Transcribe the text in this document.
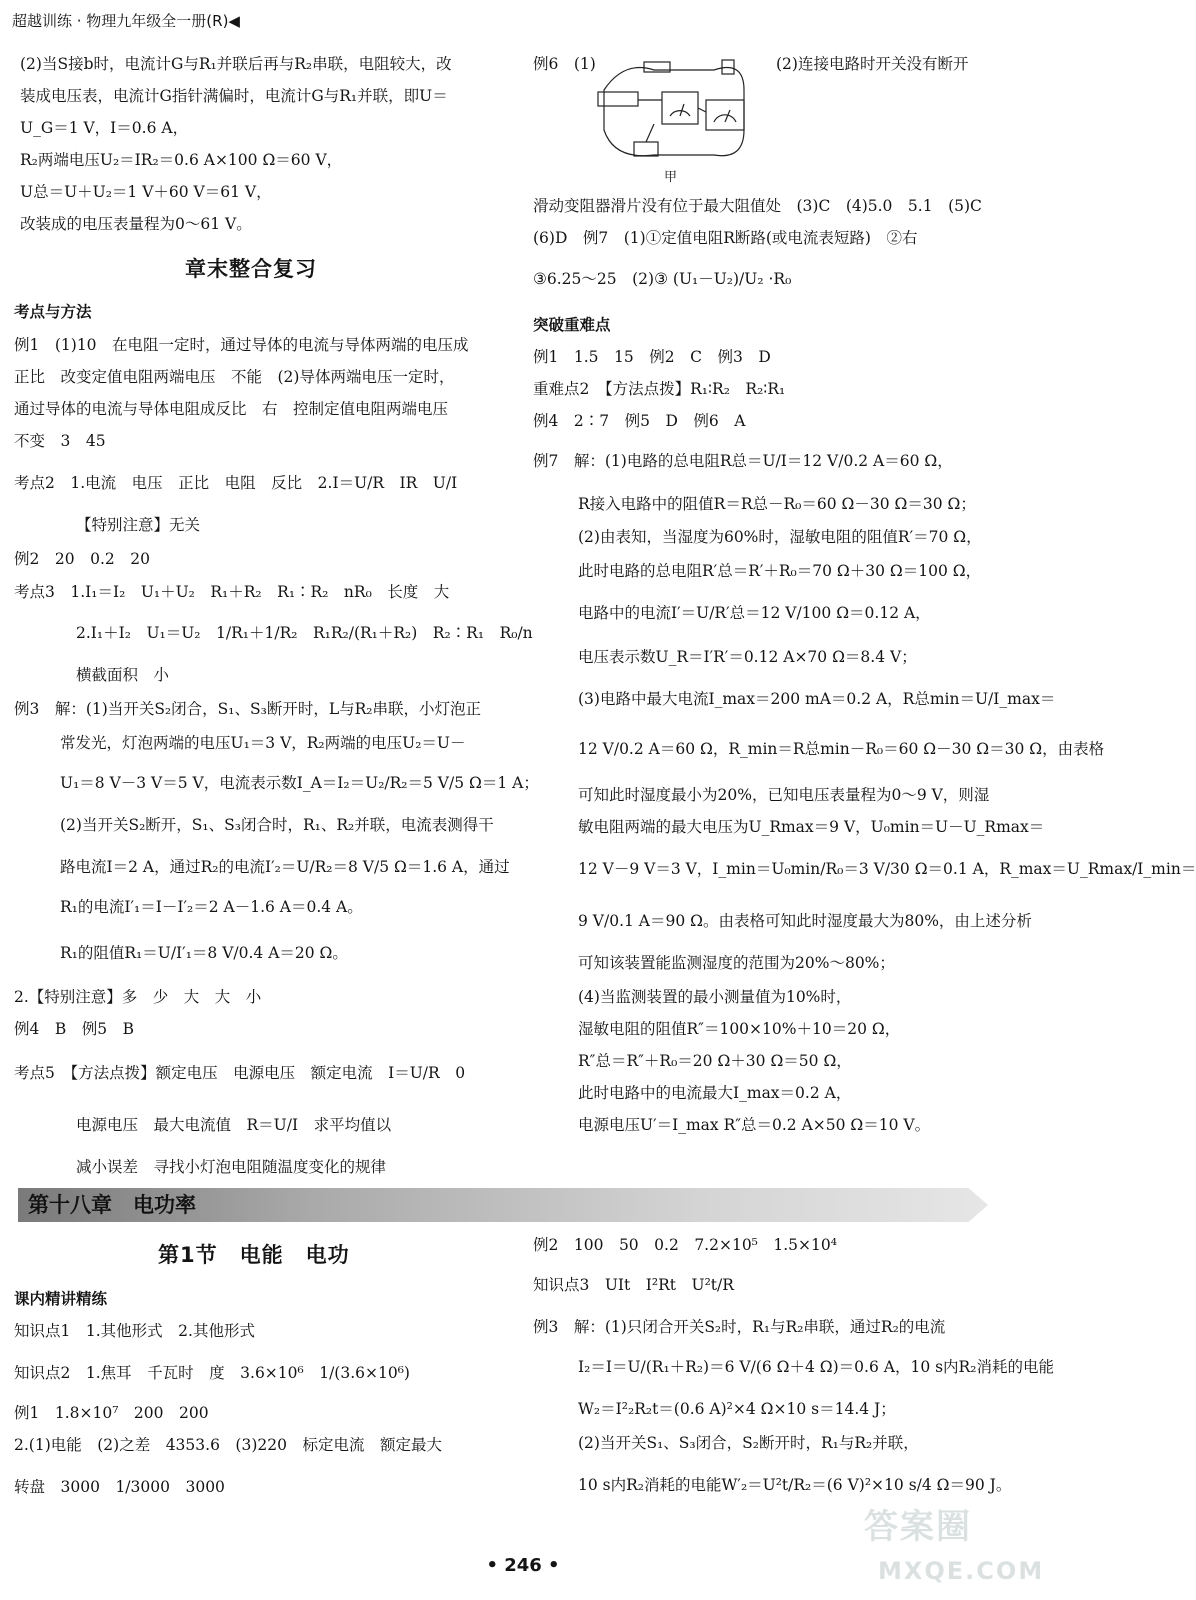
超越训练 · 物理九年级全一册(R)◀
(2)当S接b时，电流计G与R₁并联后再与R₂串联，电阻较大，改
装成电压表，电流计G指针满偏时，电流计G与R₁并联，即U＝
U_G＝1 V，I＝0.6 A，
R₂两端电压U₂＝IR₂＝0.6 A×100 Ω＝60 V，
U总＝U＋U₂＝1 V＋60 V＝61 V，
改装成的电压表量程为0～61 V。
章末整合复习
考点与方法
例1　(1)10　在电阻一定时，通过导体的电流与导体两端的电压成
正比　改变定值电阻两端电压　不能　(2)导体两端电压一定时，
通过导体的电流与导体电阻成反比　右　控制定值电阻两端电压
不变　3　45
考点2　1.电流　电压　正比　电阻　反比　2.I＝U/R　IR　U/I
【特别注意】无关
例2　20　0.2　20
考点3　1.I₁＝I₂　U₁＋U₂　R₁＋R₂　R₁∶R₂　nR₀　长度　大
2.I₁＋I₂　U₁＝U₂　1/R₁＋1/R₂　R₁R₂/(R₁＋R₂)　R₂∶R₁　R₀/n
横截面积　小
例3　解：(1)当开关S₂闭合，S₁、S₃断开时，L与R₂串联，小灯泡正
常发光，灯泡两端的电压U₁＝3 V，R₂两端的电压U₂＝U－
U₁＝8 V－3 V＝5 V，电流表示数I_A＝I₂＝U₂/R₂＝5 V/5 Ω＝1 A；
(2)当开关S₂断开，S₁、S₃闭合时，R₁、R₂并联，电流表测得干
路电流I＝2 A，通过R₂的电流I′₂＝U/R₂＝8 V/5 Ω＝1.6 A，通过
R₁的电流I′₁＝I－I′₂＝2 A－1.6 A＝0.4 A。
R₁的阻值R₁＝U/I′₁＝8 V/0.4 A＝20 Ω。
2.【特别注意】多　少　大　大　小
例4　B　例5　B
考点5　【方法点拨】额定电压　电源电压　额定电流　I＝U/R　0
电源电压　最大电流值　R＝U/I　求平均值以
减小误差　寻找小灯泡电阻随温度变化的规律
例6　(1)	(2)连接电路时开关没有断开
甲
滑动变阻器滑片没有位于最大阻值处　(3)C　(4)5.0　5.1　(5)C
(6)D　例7　(1)①定值电阻R断路(或电流表短路)　②右
③6.25～25　(2)③ (U₁－U₂)/U₂ ·R₀
突破重难点
例1　1.5　15　例2　C　例3　D
重难点2　【方法点拨】R₁∶R₂　R₂∶R₁
例4　2∶7　例5　D　例6　A
例7　解：(1)电路的总电阻R总＝U/I＝12 V/0.2 A＝60 Ω，
R接入电路中的阻值R＝R总－R₀＝60 Ω－30 Ω＝30 Ω；
(2)由表知，当湿度为60%时，湿敏电阻的阻值R′＝70 Ω，
此时电路的总电阻R′总＝R′＋R₀＝70 Ω＋30 Ω＝100 Ω，
电路中的电流I′＝U/R′总＝12 V/100 Ω＝0.12 A，
电压表示数U_R＝I′R′＝0.12 A×70 Ω＝8.4 V；
(3)电路中最大电流I_max＝200 mA＝0.2 A，R总min＝U/I_max＝
12 V/0.2 A＝60 Ω，R_min＝R总min－R₀＝60 Ω－30 Ω＝30 Ω，由表格
可知此时湿度最小为20%，已知电压表量程为0～9 V，则湿
敏电阻两端的最大电压为U_Rmax＝9 V，U₀min＝U－U_Rmax＝
12 V－9 V＝3 V，I_min＝U₀min/R₀＝3 V/30 Ω＝0.1 A，R_max＝U_Rmax/I_min＝
9 V/0.1 A＝90 Ω。由表格可知此时湿度最大为80%，由上述分析
可知该装置能监测湿度的范围为20%～80%；
(4)当监测装置的最小测量值为10%时，
湿敏电阻的阻值R″＝100×10%＋10＝20 Ω，
R″总＝R″＋R₀＝20 Ω＋30 Ω＝50 Ω，
此时电路中的电流最大I_max＝0.2 A，
电源电压U′＝I_max R″总＝0.2 A×50 Ω＝10 V。
第十八章　电功率
第1节　电能　电功
课内精讲精练
知识点1　1.其他形式　2.其他形式
知识点2　1.焦耳　千瓦时　度　3.6×10⁶　1/(3.6×10⁶)
例1　1.8×10⁷　200　200
2.(1)电能　(2)之差　4353.6　(3)220　标定电流　额定最大
转盘　3000　1/3000　3000
例2　100　50　0.2　7.2×10⁵　1.5×10⁴
知识点3　UIt　I²Rt　U²t/R
例3　解：(1)只闭合开关S₂时，R₁与R₂串联，通过R₂的电流
I₂＝I＝U/(R₁＋R₂)＝6 V/(6 Ω＋4 Ω)＝0.6 A，10 s内R₂消耗的电能
W₂＝I²₂R₂t＝(0.6 A)²×4 Ω×10 s＝14.4 J；
(2)当开关S₁、S₃闭合，S₂断开时，R₁与R₂并联，
10 s内R₂消耗的电能W′₂＝U²t/R₂＝(6 V)²×10 s/4 Ω＝90 J。
• 246 •
答案圈
MXQE.COM
